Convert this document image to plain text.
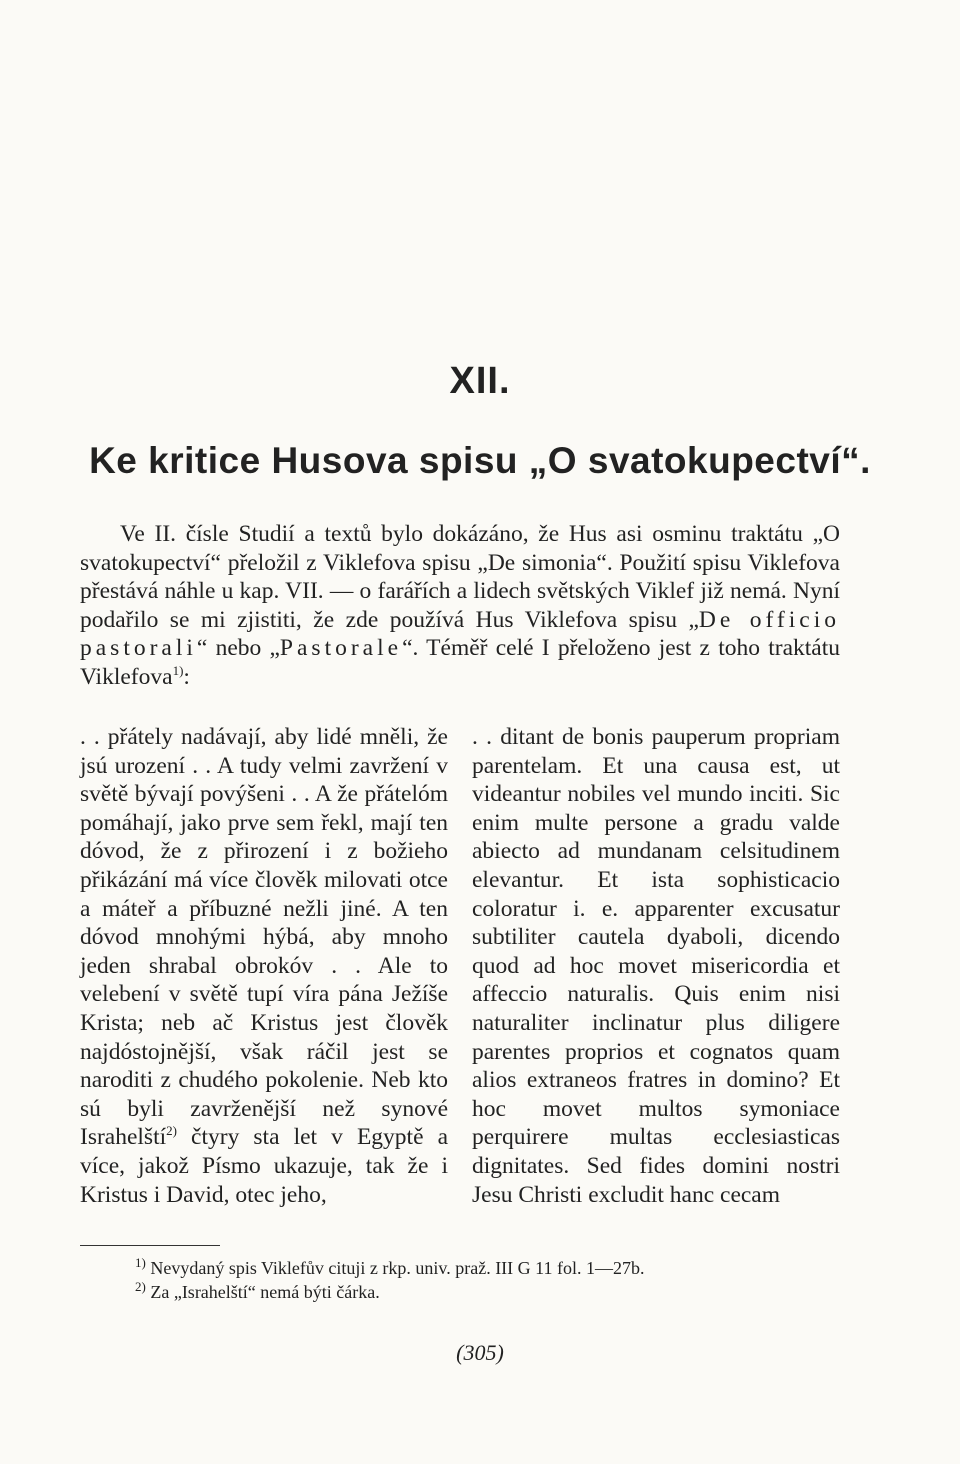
XII.
Ke kritice Husova spisu „O svatokupectví“.

Ve II. čísle Studií a textů bylo dokázáno, že Hus asi osminu traktátu „O svatokupectví“ přeložil z Viklefova spisu „De simonia“. Použití spisu Viklefova přestává náhle u kap. VII. — o farářích a lidech světských Viklef již nemá. Nyní podařilo se mi zjistiti, že zde používá Hus Viklefova spisu „De officio pastorali“ nebo „Pastorale“. Téměř celé I přeloženo jest z toho traktátu Viklefova$^{1)}$:

. . přátely nadávají, aby lidé mněli, že jsú urození . . A tudy velmi zavržení v světě bývají povýšeni . . A že přátelóm pomáhají, jako prve sem řekl, mají ten dóvod, že z přirození i z božieho přikázání má více člověk milovati otce a máteř a příbuzné nežli jiné. A ten dóvod mnohými hýbá, aby mnoho jeden shrabal obrokóv . . Ale to velebení v světě tupí víra pána Ježíše Krista; neb ač Kristus jest člověk najdóstojnější, však ráčil jest se naroditi z chudého pokolenie. Neb kto sú byli zavrženější než synové Israhelští$^{2)}$ čtyry sta let v Egyptě a více, jakož Písmo ukazuje, tak že i Kristus i David, otec jeho,

. . ditant de bonis pauperum propriam parentelam. Et una causa est, ut videantur nobiles vel mundo inciti. Sic enim multe persone a gradu valde abiecto ad mundanam celsitudinem elevantur. Et ista sophisticacio coloratur i. e. apparenter excusatur subtiliter cautela dyaboli, dicendo quod ad hoc movet misericordia et affeccio naturalis. Quis enim nisi naturaliter inclinatur plus diligere parentes proprios et cognatos quam alios extraneos fratres in domino? Et hoc movet multos symoniace perquirere multas ecclesiasticas dignitates. Sed fides domini nostri Jesu Christi excludit hanc cecam

$^{1)}$ Nevydaný spis Viklefův cituji z rkp. univ. praž. III G 11 fol. 1—27b.
$^{2)}$ Za „Israhelští“ nemá býti čárka.
(305)
